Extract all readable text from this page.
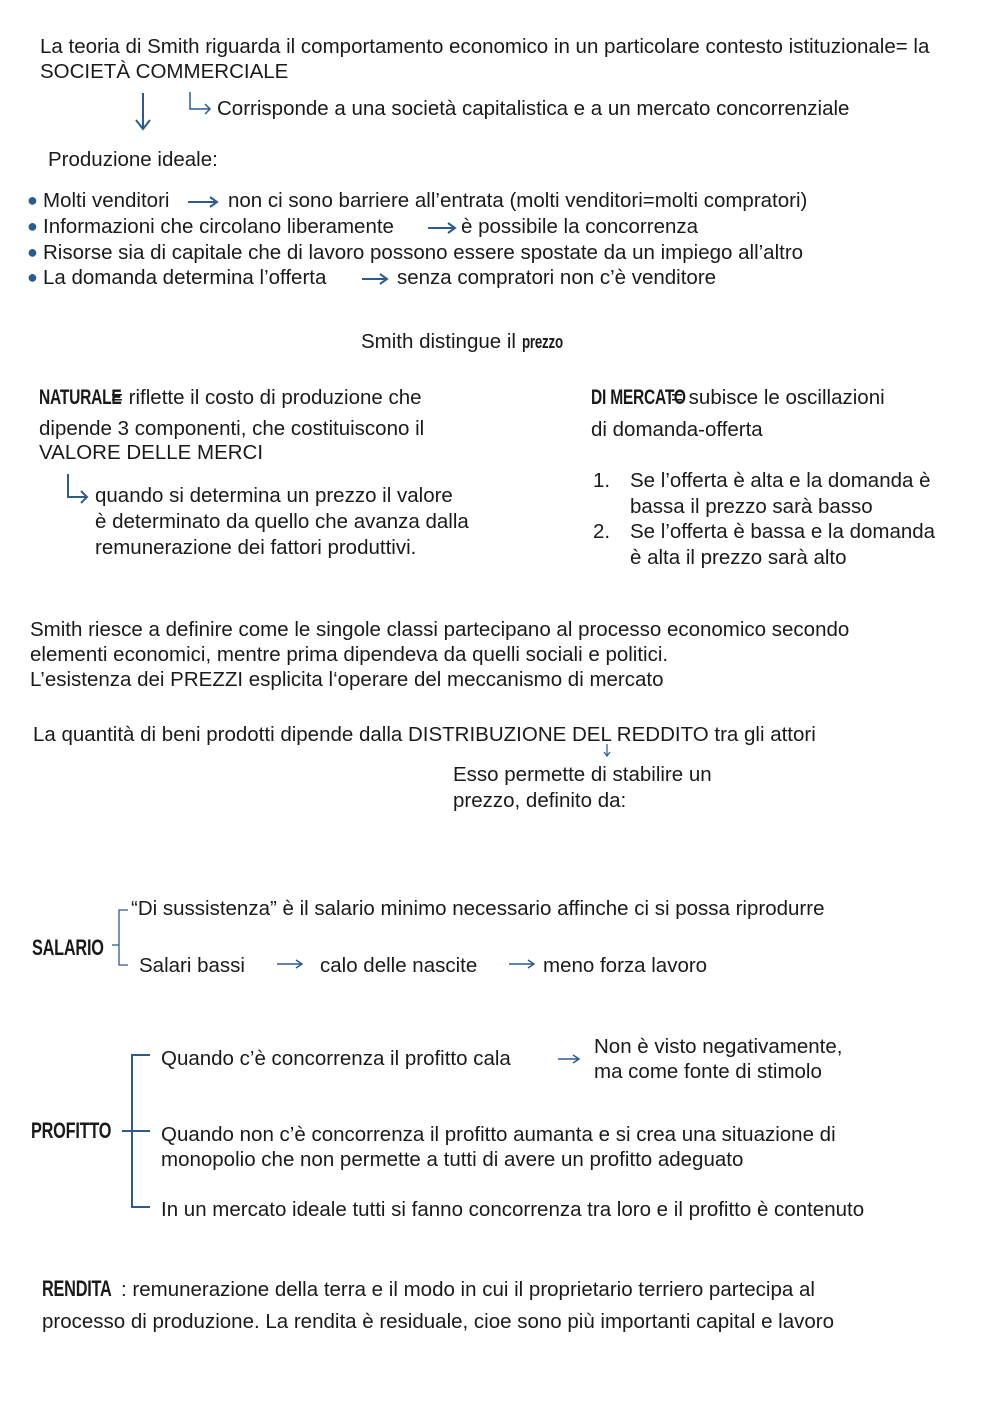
La teoria di Smith riguarda il comportamento economico in un particolare contesto istituzionale= la
SOCIETÀ COMMERCIALE
Corrisponde a una società capitalistica e a un mercato concorrenziale
Produzione ideale:
● Molti venditori	non ci sono barriere all’entrata (molti venditori=molti compratori)
● Informazioni che circolano liberamente	è possibile la concorrenza
● Risorse sia di capitale che di lavoro possono essere spostate da un impiego all’altro
● La domanda determina l’offerta	senza compratori non c’è venditore
Smith distingue il prezzo
NATURALE= riflette il costo di produzione che
dipende 3 componenti, che costituiscono il
VALORE DELLE MERCI
quando si determina un prezzo il valore
è determinato da quello che avanza dalla
remunerazione dei fattori produttivi.
DI MERCATO= subisce le oscillazioni
di domanda-offerta
1. Se l’offerta è alta e la domanda è
bassa il prezzo sarà basso
2. Se l’offerta è bassa e la domanda
è alta il prezzo sarà alto
Smith riesce a definire come le singole classi partecipano al processo economico secondo
elementi economici, mentre prima dipendeva da quelli sociali e politici.
L’esistenza dei PREZZI esplicita l‘operare del meccanismo di mercato
La quantità di beni prodotti dipende dalla DISTRIBUZIONE DEL REDDITO tra gli attori
Esso permette di stabilire un
prezzo, definito da:
SALARIO
“Di sussistenza” è il salario minimo necessario affinche ci si possa riprodurre
Salari bassi	calo delle nascite	meno forza lavoro
PROFITTO
Quando c’è concorrenza il profitto cala
Non è visto negativamente,
ma come fonte di stimolo
Quando non c’è concorrenza il profitto aumanta e si crea una situazione di
monopolio che non permette a tutti di avere un profitto adeguato
In un mercato ideale tutti si fanno concorrenza tra loro e il profitto è contenuto
RENDITA : remunerazione della terra e il modo in cui il proprietario terriero partecipa al
processo di produzione. La rendita è residuale, cioe sono più importanti capital e lavoro
